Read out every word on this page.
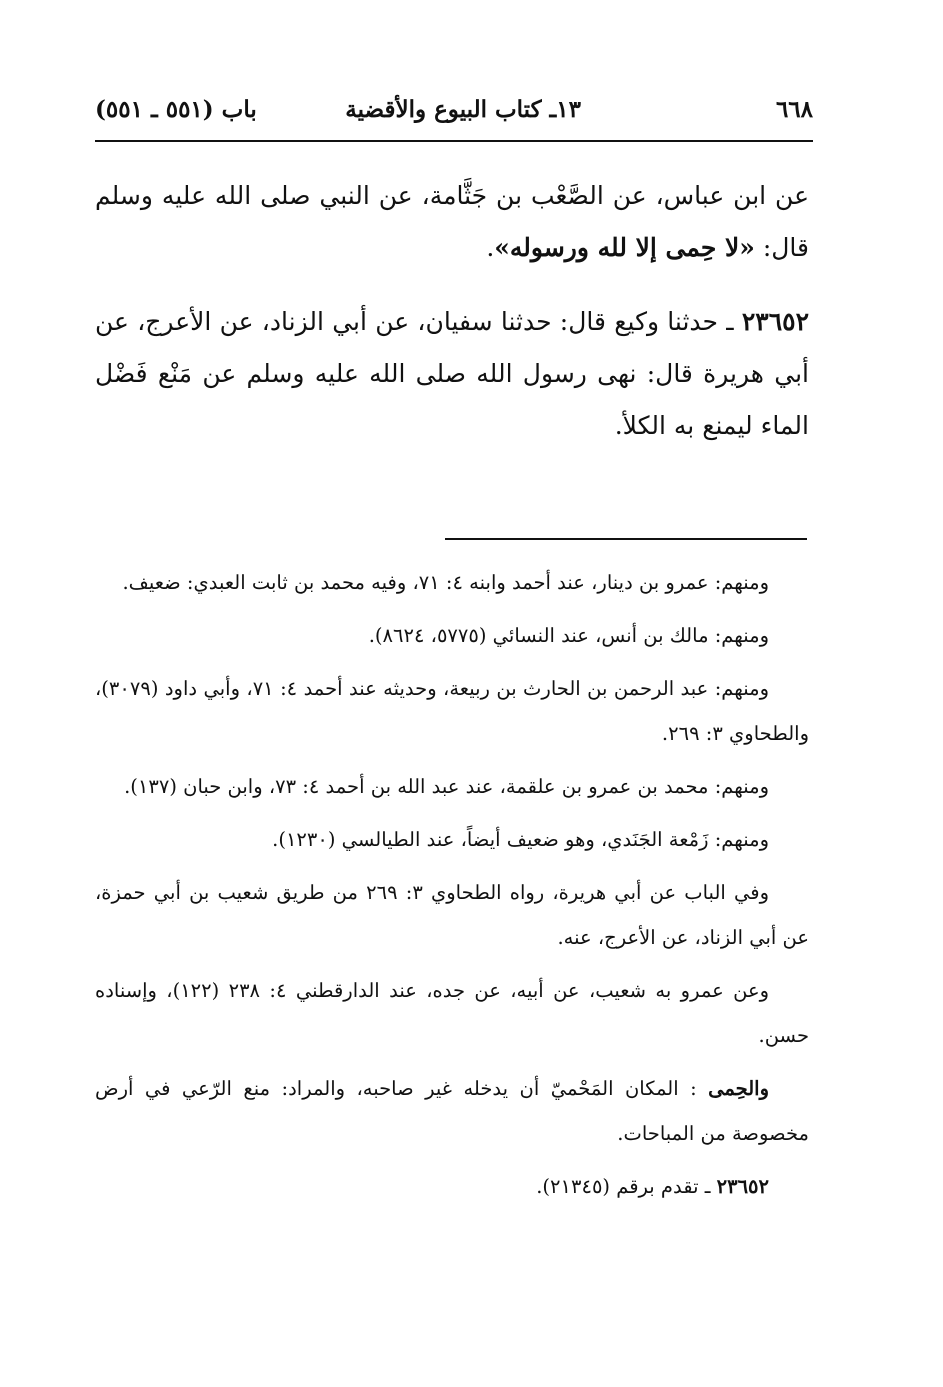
٦٦٨
١٣ـ كتاب البيوع والأقضية
باب (٥٥١ ـ ٥٥١)

عن ابن عباس، عن الصَّعْب بن جَثَّامة، عن النبي صلى الله عليه وسلم قال: «لا حِمى إلا لله ورسوله».

٢٣٦٥٢ ـ حدثنا وكيع قال: حدثنا سفيان، عن أبي الزناد، عن الأعرج، عن أبي هريرة قال: نهى رسول الله صلى الله عليه وسلم عن مَنْع فَضْل الماء ليمنع به الكلأ.

ومنهم: عمرو بن دينار، عند أحمد وابنه ٤: ٧١، وفيه محمد بن ثابت العبدي: ضعيف.

ومنهم: مالك بن أنس، عند النسائي (٥٧٧٥، ٨٦٢٤).

ومنهم: عبد الرحمن بن الحارث بن ربيعة، وحديثه عند أحمد ٤: ٧١، وأبي داود (٣٠٧٩)، والطحاوي ٣: ٢٦٩.

ومنهم: محمد بن عمرو بن علقمة، عند عبد الله بن أحمد ٤: ٧٣، وابن حبان (١٣٧).

ومنهم: زَمْعة الجَنَدي، وهو ضعيف أيضاً، عند الطيالسي (١٢٣٠).

وفي الباب عن أبي هريرة، رواه الطحاوي ٣: ٢٦٩ من طريق شعيب بن أبي حمزة، عن أبي الزناد، عن الأعرج، عنه.

وعن عمرو به شعيب، عن أبيه، عن جده، عند الدارقطني ٤: ٢٣٨ (١٢٢)، وإسناده حسن.

والحِمى : المكان المَحْميّ أن يدخله غير صاحبه، والمراد: منع الرّعي في أرض مخصوصة من المباحات.

٢٣٦٥٢ ـ تقدم برقم (٢١٣٤٥).
